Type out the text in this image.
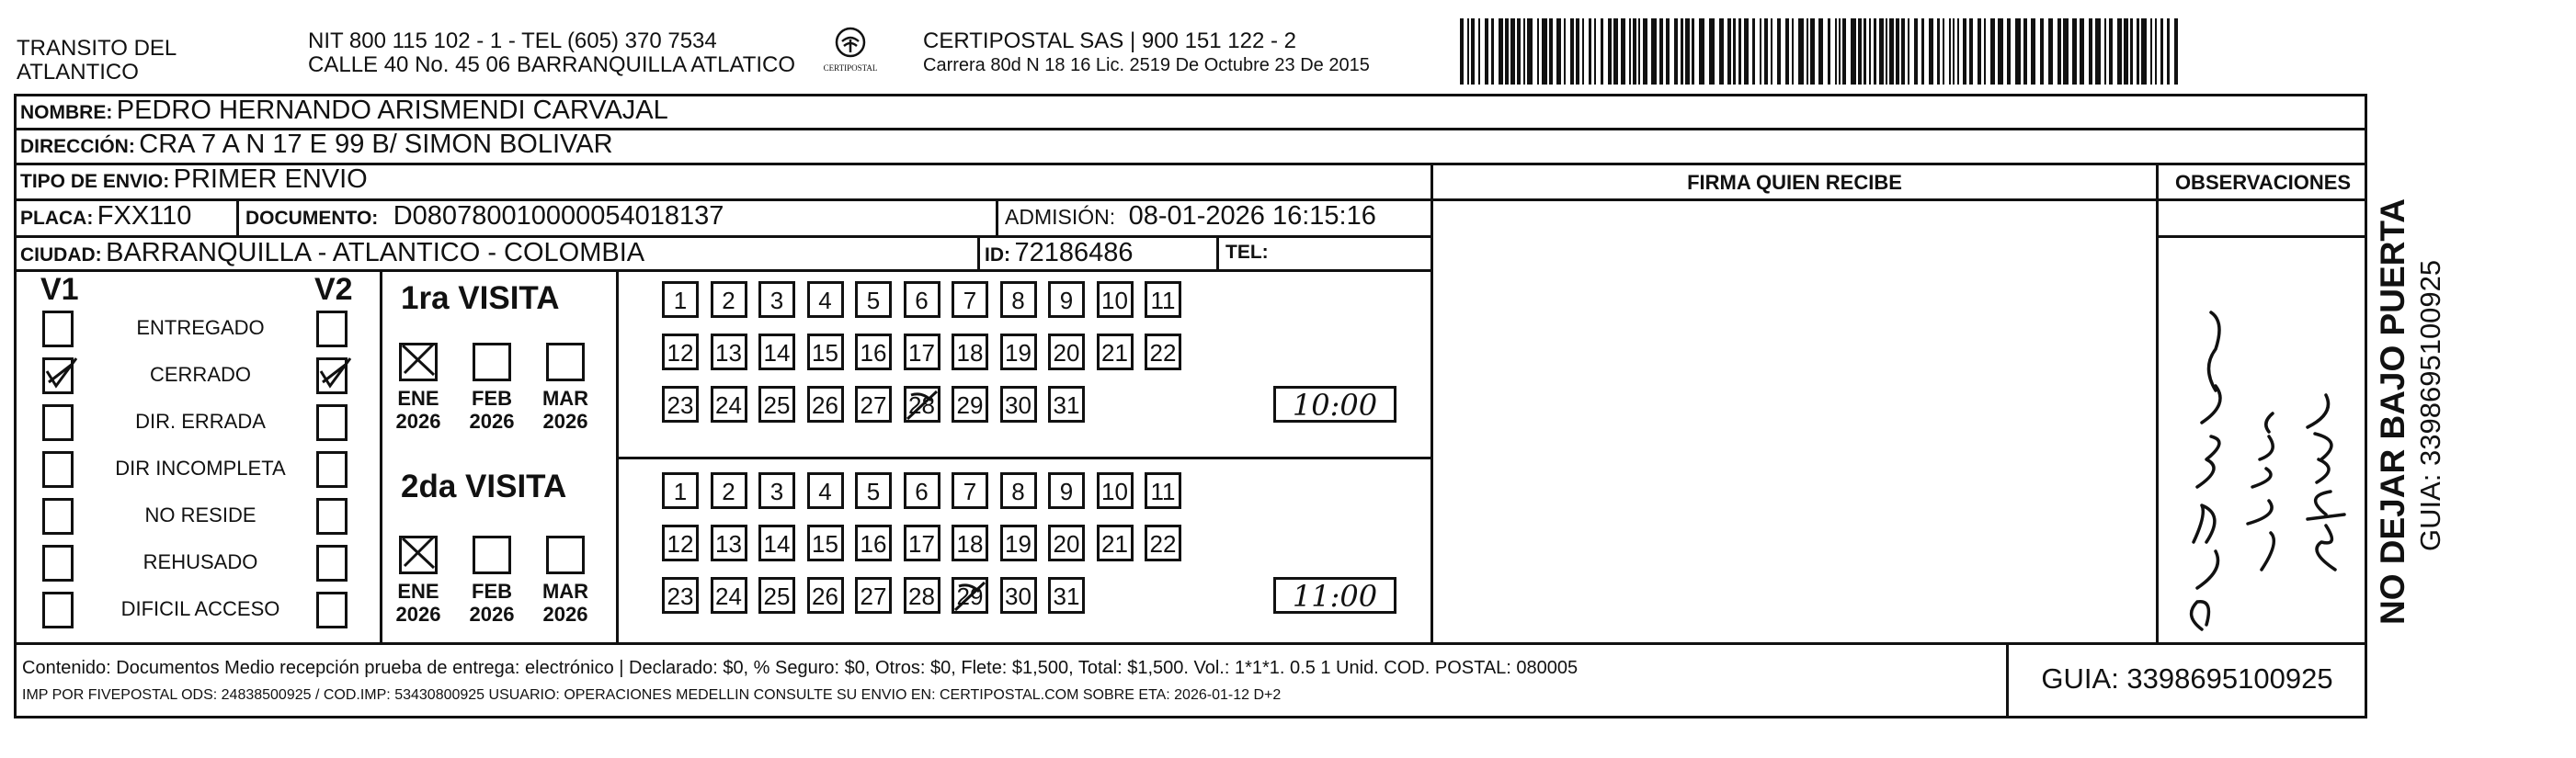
TRANSITO DEL
ATLANTICO
NIT 800 115 102 - 1 - TEL (605) 370 7534
CALLE 40 No. 45 06 BARRANQUILLA ATLATICO	CERTIPOSTAL
CERTIPOSTAL SAS | 900 151 122 - 2
Carrera 80d N 18 16 Lic. 2519 De Octubre 23 De 2015
NOMBRE: PEDRO HERNANDO ARISMENDI CARVAJAL
DIRECCIÓN: CRA 7 A N 17 E 99 B/ SIMON BOLIVAR
TIPO DE ENVIO: PRIMER ENVIO	FIRMA QUIEN RECIBE	OBSERVACIONES
PLACA: FXX110	DOCUMENTO: D080780010000054018137	ADMISIÓN: 08-01-2026 16:15:16
CIUDAD: BARRANQUILLA - ATLANTICO - COLOMBIA	ID: 72186486	TEL:
V1	V2
ENTREGADO
CERRADO
DIR. ERRADA
DIR INCOMPLETA
NO RESIDE
REHUSADO
DIFICIL ACCESO
1ra VISITA
2da VISITA
ENE
2026
FEB
2026
MAR
2026
ENE
2026
FEB
2026
MAR
2026
1	2	3	4	5	6	7	8	9	10 11
12 13 14 15 16 17 18 19 20 21 22
23 24 25 26 27 28 29 30 31	10:00
1	2	3	4	5	6	7	8	9	10 11
12 13 14 15 16 17 18 19 20 21 22
23 24 25 26 27 28 29 30 31	11:00	NO DEJAR BAJO PUERTA GUIA: 3398695100925
Contenido: Documentos Medio recepción prueba de entrega: electrónico | Declarado: $0, % Seguro: $0, Otros: $0, Flete: $1,500, Total: $1,500. Vol.: 1*1*1. 0.5 1 Unid. COD. POSTAL: 080005
IMP POR FIVEPOSTAL ODS: 24838500925 / COD.IMP: 53430800925 USUARIO: OPERACIONES MEDELLIN CONSULTE SU ENVIO EN: CERTIPOSTAL.COM SOBRE ETA: 2026-01-12 D+2
GUIA: 3398695100925
